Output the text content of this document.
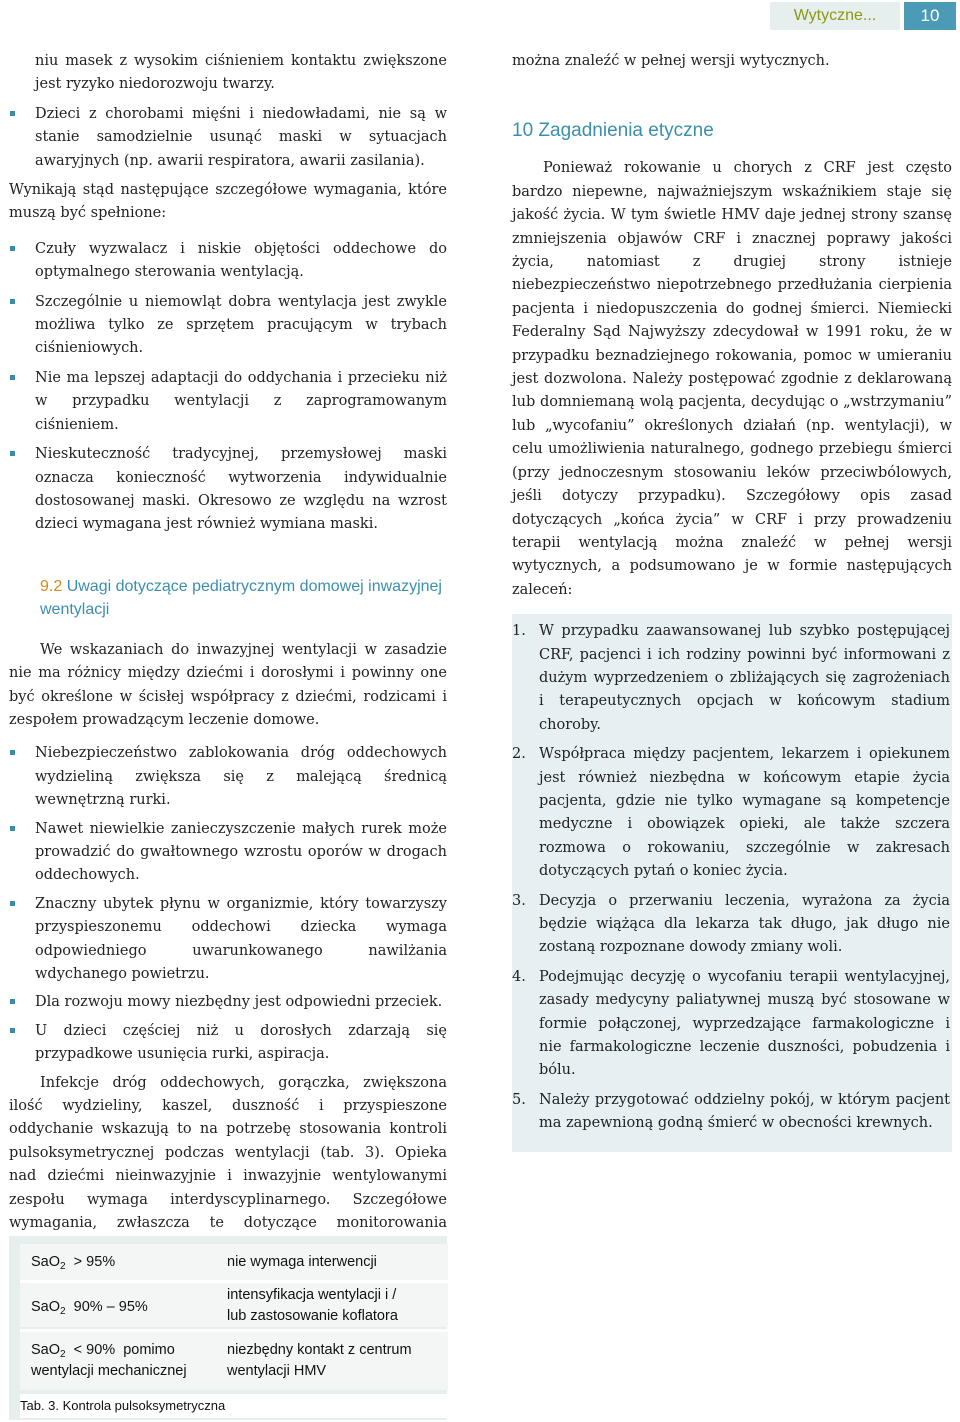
Wytyczne...	10

niu masek z wysokim ciśnieniem kontaktu zwiększone jest ryzyko niedorozwoju twarzy.

Dzieci z chorobami mięśni i niedowładami, nie są w stanie samodzielnie usunąć maski w sytuacjach awaryjnych (np. awarii respiratora, awarii zasilania).

Wynikają stąd następujące szczegółowe wymagania, które muszą być spełnione:

Czuły wyzwalacz i niskie objętości oddechowe do optymalnego sterowania wentylacją.
Szczególnie u niemowląt dobra wentylacja jest zwykle możliwa tylko ze sprzętem pracującym w trybach ciśnieniowych.
Nie ma lepszej adaptacji do oddychania i przecieku niż w przypadku wentylacji z zaprogramowanym ciśnieniem.
Nieskuteczność tradycyjnej, przemysłowej maski oznacza konieczność wytworzenia indywidualnie dostosowanej maski. Okresowo ze względu na wzrost dzieci wymagana jest również wymiana maski.
9.2 Uwagi dotyczące pediatrycznym domowej inwazyjnej wentylacji

We wskazaniach do inwazyjnej wentylacji w zasadzie nie ma różnicy między dziećmi i dorosłymi i powinny one być określone w ścisłej współpracy z dziećmi, rodzicami i zespołem prowadzącym leczenie domowe.

Niebezpieczeństwo zablokowania dróg oddechowych wydzieliną zwiększa się z malejącą średnicą wewnętrzną rurki.
Nawet niewielkie zanieczyszczenie małych rurek może prowadzić do gwałtownego wzrostu oporów w drogach oddechowych.
Znaczny ubytek płynu w organizmie, który towarzyszy przyspieszonemu oddechowi dziecka wymaga odpowiedniego uwarunkowanego nawilżania wdychanego powietrzu.
Dla rozwoju mowy niezbędny jest odpowiedni przeciek.
U dzieci częściej niż u dorosłych zdarzają się przypadkowe usunięcia rurki, aspiracja.

Infekcje dróg oddechowych, gorączka, zwiększona ilość wydzieliny, kaszel, duszność i przyspieszone oddychanie wskazują to na potrzebę stosowania kontroli pulsoksymetrycznej podczas wentylacji (tab. 3). Opieka nad dziećmi nieinwazyjnie i inwazyjnie wentylowanymi zespołu wymaga interdyscyplinarnego. Szczegółowe wymagania, zwłaszcza te dotyczące monitorowania

można znaleźć w pełnej wersji wytycznych.

10 Zagadnienia etyczne

Ponieważ rokowanie u chorych z CRF jest często bardzo niepewne, najważniejszym wskaźnikiem staje się jakość życia. W tym świetle HMV daje jednej strony szansę zmniejszenia objawów CRF i znacznej poprawy jakości życia, natomiast z drugiej strony istnieje niebezpieczeństwo niepotrzebnego przedłużania cierpienia pacjenta i niedopuszczenia do godnej śmierci. Niemiecki Federalny Sąd Najwyższy zdecydował w 1991 roku, że w przypadku beznadziejnego rokowania, pomoc w umieraniu jest dozwolona. Należy postępować zgodnie z deklarowaną lub domniemaną wolą pacjenta, decydując o „wstrzymaniu” lub „wycofaniu” określonych działań (np. wentylacji), w celu umożliwienia naturalnego, godnego przebiegu śmierci (przy jednoczesnym stosowaniu leków przeciwbólowych, jeśli dotyczy przypadku). Szczegółowy opis zasad dotyczących „końca życia” w CRF i przy prowadzeniu terapii wentylacją można znaleźć w pełnej wersji wytycznych, a podsumowano je w formie następujących zaleceń:

1. W przypadku zaawansowanej lub szybko postępującej CRF, pacjenci i ich rodziny powinni być informowani z dużym wyprzedzeniem o zbliżających się zagrożeniach i terapeutycznych opcjach w końcowym stadium choroby.
2. Współpraca między pacjentem, lekarzem i opiekunem jest również niezbędna w końcowym etapie życia pacjenta, gdzie nie tylko wymagane są kompetencje medyczne i obowiązek opieki, ale także szczera rozmowa o rokowaniu, szczególnie w zakresach dotyczących pytań o koniec życia.
3. Decyzja o przerwaniu leczenia, wyrażona za życia będzie wiążąca dla lekarza tak długo, jak długo nie zostaną rozpoznane dowody zmiany woli.
4. Podejmując decyzję o wycofaniu terapii wentylacyjnej, zasady medycyny paliatywnej muszą być stosowane w formie połączonej, wyprzedzające farmakologiczne i nie farmakologiczne leczenie duszności, pobudzenia i bólu.
5. Należy przygotować oddzielny pokój, w którym pacjent ma zapewnioną godną śmierć w obecności krewnych.
SaO$_2$  > 95%	nie wymaga interwencji
SaO$_2$  90% – 95%
intensyfikacja wentylacji i /
lub zastosowanie koflatora
SaO$_2$  < 90%  pomimo
wentylacji mechanicznej
niezbędny kontakt z centrum
wentylacji HMV
Tab. 3. Kontrola pulsoksymetryczna
